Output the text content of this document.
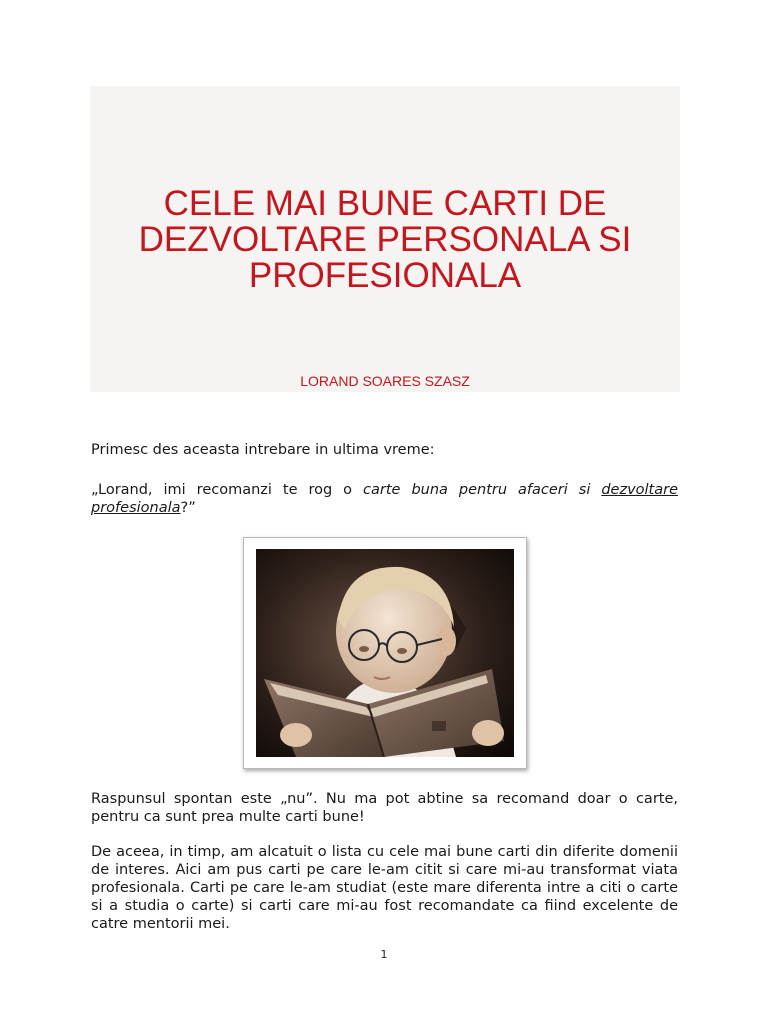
CELE MAI BUNE CARTI DE
DEZVOLTARE PERSONALA SI
PROFESIONALA
LORAND SOARES SZASZ

Primesc des aceasta intrebare in ultima vreme:

„Lorand, imi recomanzi te rog o carte buna pentru afaceri si dezvoltare
profesionala?”

Raspunsul spontan este „nu”. Nu ma pot abtine sa recomand doar o carte,
pentru ca sunt prea multe carti bune!

De aceea, in timp, am alcatuit o lista cu cele mai bune carti din diferite domenii de interes. Aici am pus carti pe care le-am citit si care mi-au transformat viata profesionala. Carti pe care le-am studiat (este mare diferenta intre a citi o carte si a studia o carte) si carti care mi-au fost recomandate ca fiind excelente de catre mentorii mei.

1
